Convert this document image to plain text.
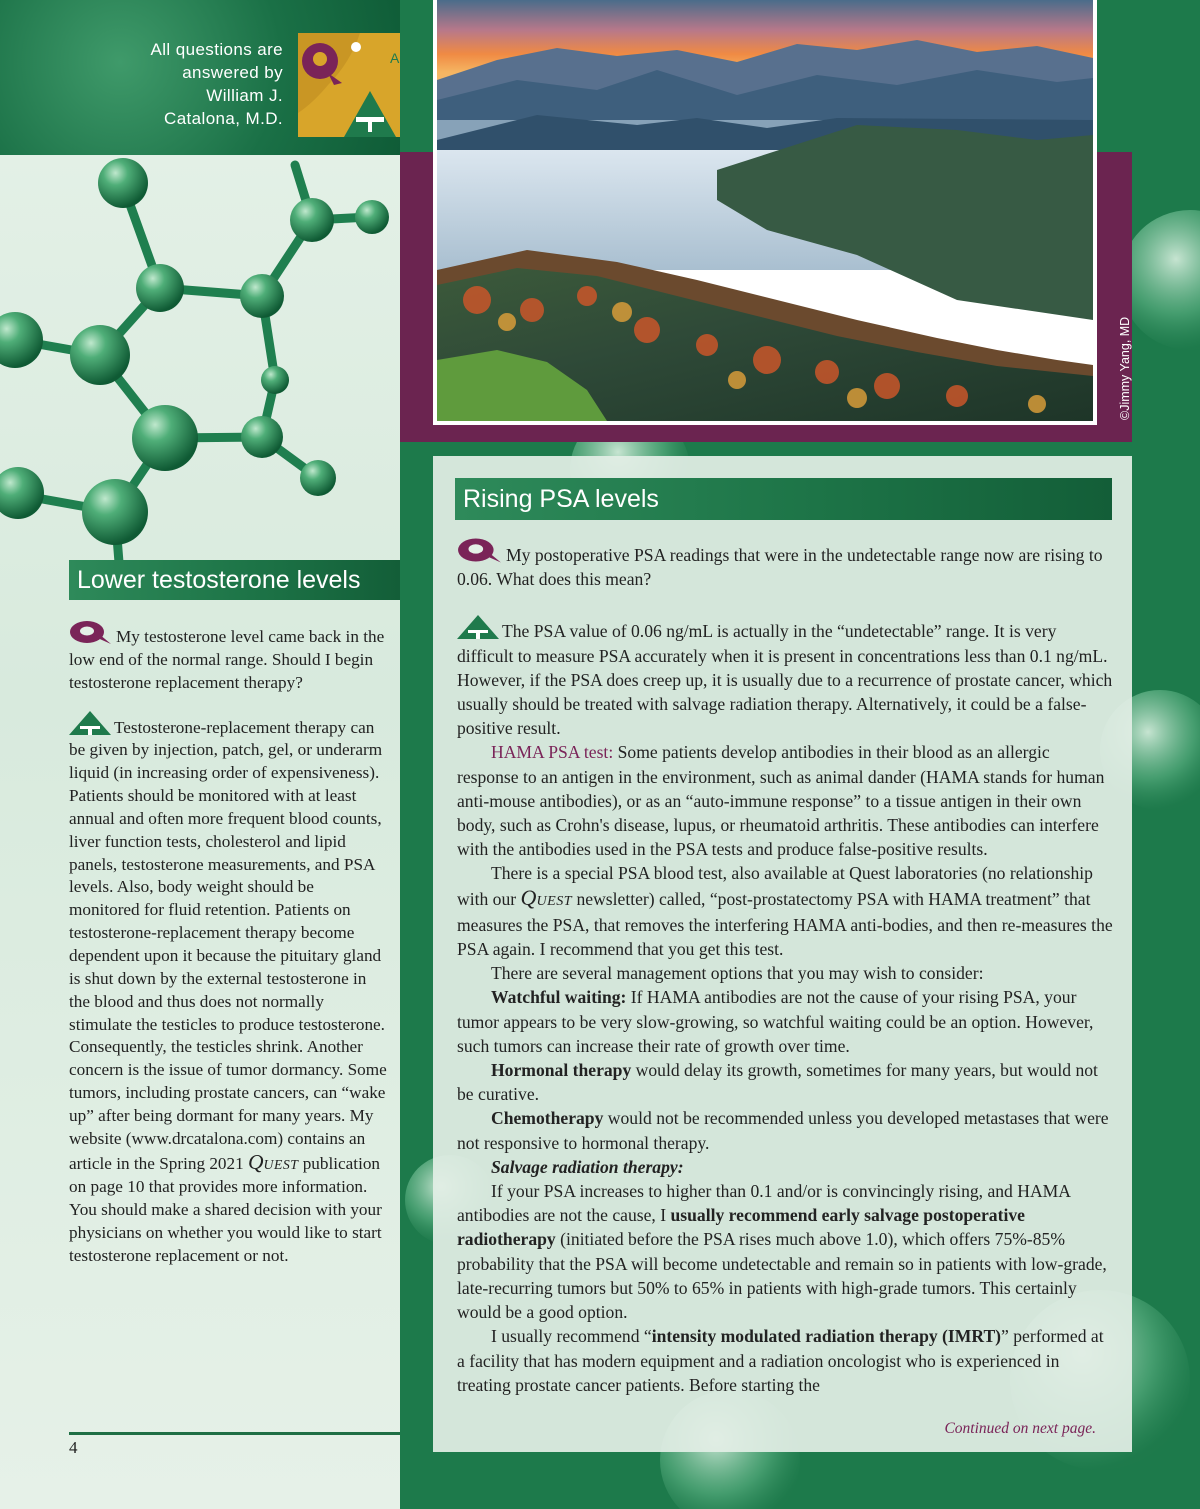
All questions are
answered by
William J.
Catalona, M.D.
A
©Jimmy Yang, MD
Lower testosterone levels

My testosterone level came back in the low end of the normal range. Should I begin testosterone replacement therapy?

Testosterone-replacement therapy can be given by injection, patch, gel, or underarm liquid (in increasing order of expensiveness). Patients should be monitored with at least annual and often more frequent blood counts, liver function tests, cholesterol and lipid panels, testosterone measurements, and PSA levels. Also, body weight should be monitored for fluid retention. Patients on testosterone-replacement therapy become dependent upon it because the pituitary gland is shut down by the external testosterone in the blood and thus does not normally stimulate the testicles to produce testosterone. Consequently, the testicles shrink. Another concern is the issue of tumor dormancy. Some tumors, including prostate cancers, can “wake up” after being dormant for many years. My website (www.drcatalona.com) contains an article in the Spring 2021 QUEST publication on page 10 that provides more information. You should make a shared decision with your physicians on whether you would like to start testosterone replacement or not.

4
Rising PSA levels

My postoperative PSA readings that were in the undetectable range now are rising to 0.06. What does this mean?

The PSA value of 0.06 ng/mL is actually in the “undetectable” range. It is very difficult to measure PSA accurately when it is present in concentrations less than 0.1 ng/mL. However, if the PSA does creep up, it is usually due to a recurrence of prostate cancer, which usually should be treated with salvage radiation therapy. Alternatively, it could be a false-positive result.

HAMA PSA test: Some patients develop antibodies in their blood as an allergic response to an antigen in the environment, such as animal dander (HAMA stands for human anti-mouse antibodies), or as an “auto-immune response” to a tissue antigen in their own body, such as Crohn's disease, lupus, or rheumatoid arthritis. These antibodies can interfere with the antibodies used in the PSA tests and produce false-positive results.

There is a special PSA blood test, also available at Quest laboratories (no relationship with our QUEST newsletter) called, “post-prostatectomy PSA with HAMA treatment” that measures the PSA, that removes the interfering HAMA anti-bodies, and then re-measures the PSA again. I recommend that you get this test.

There are several management options that you may wish to consider:

Watchful waiting: If HAMA antibodies are not the cause of your rising PSA, your tumor appears to be very slow-growing, so watchful waiting could be an option. However, such tumors can increase their rate of growth over time.

Hormonal therapy would delay its growth, sometimes for many years, but would not be curative.

Chemotherapy would not be recommended unless you developed metastases that were not responsive to hormonal therapy.

Salvage radiation therapy:

If your PSA increases to higher than 0.1 and/or is convincingly rising, and HAMA antibodies are not the cause, I usually recommend early salvage postoperative radiotherapy (initiated before the PSA rises much above 1.0), which offers 75%-85% probability that the PSA will become undetectable and remain so in patients with low-grade, late-recurring tumors but 50% to 65% in patients with high-grade tumors. This certainly would be a good option.

I usually recommend “intensity modulated radiation therapy (IMRT)” performed at a facility that has modern equipment and a radiation oncologist who is experienced in treating prostate cancer patients. Before starting the

Continued on next page.
